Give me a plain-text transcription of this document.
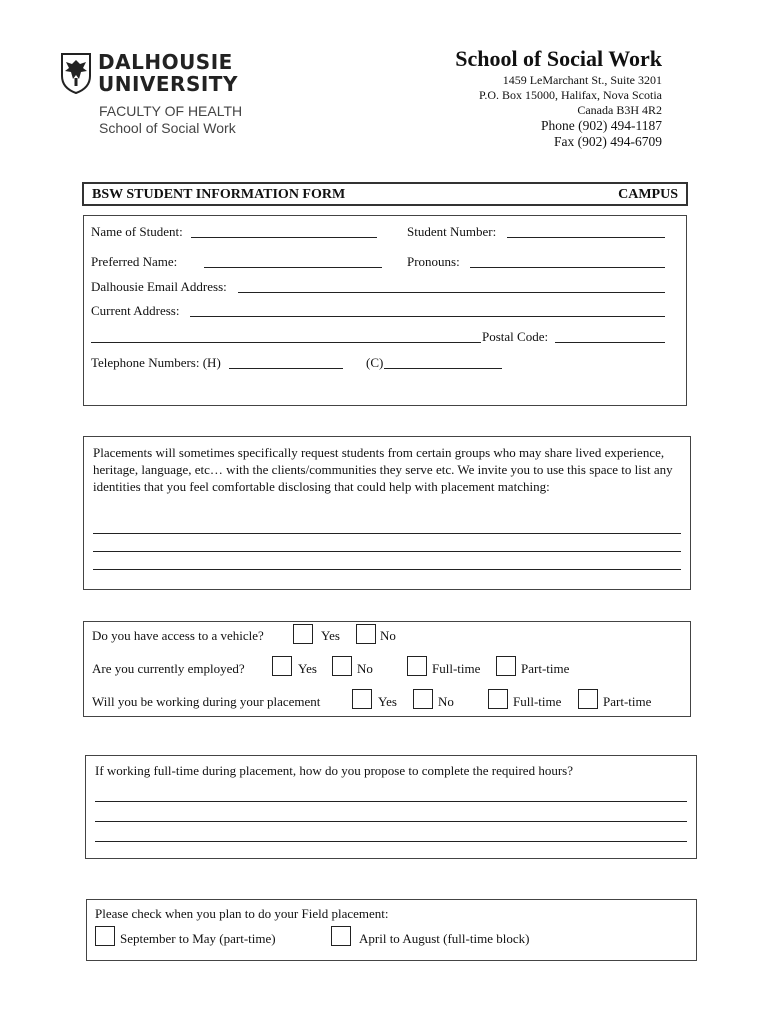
DALHOUSIE
UNIVERSITY
FACULTY OF HEALTH
School of Social Work
School of Social Work
1459 LeMarchant St., Suite 3201
P.O. Box 15000, Halifax, Nova Scotia
Canada B3H 4R2
Phone (902) 494-1187
Fax (902) 494-6709
BSW STUDENT INFORMATION FORM	CAMPUS
Name of Student:	Student Number:
Preferred Name:	Pronouns:
Dalhousie Email Address:
Current Address:
Postal Code:
Telephone Numbers: (H)	(C)
Placements will sometimes specifically request students from certain groups who may share lived experience, heritage, language, etc… with the clients/communities they serve etc. We invite you to use this space to list any identities that you feel comfortable disclosing that could help with placement matching:
Do you have access to a vehicle?	Yes	No
Are you currently employed?	Yes	No	Full-time	Part-time
Will you be working during your placement	Yes	No	Full-time	Part-time
If working full-time during placement, how do you propose to complete the required hours?
Please check when you plan to do your Field placement:
September to May (part-time)	April to August (full-time block)
